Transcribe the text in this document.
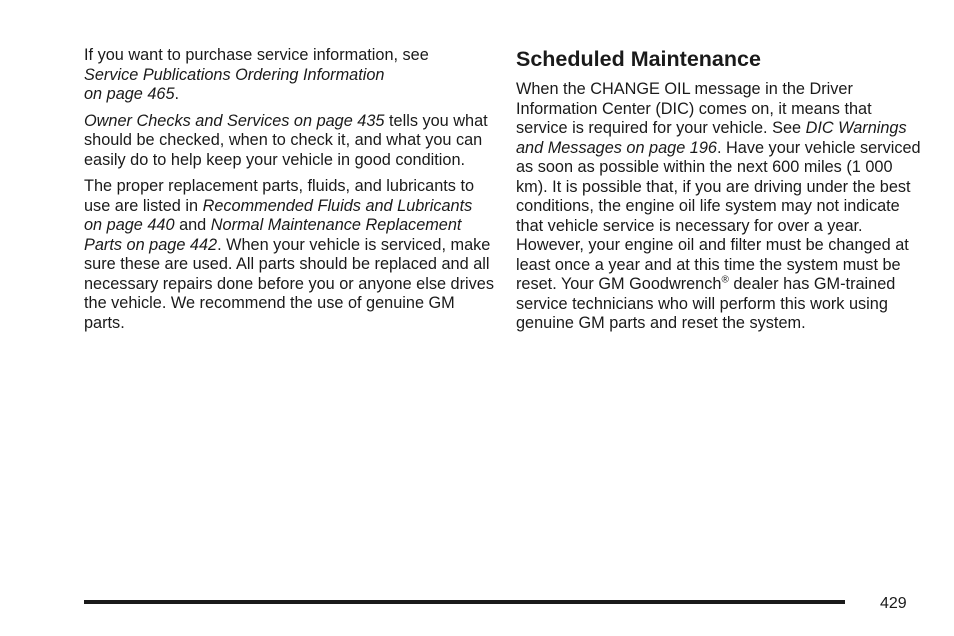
If you want to purchase service information, see
Service Publications Ordering Information
on page 465.

Owner Checks and Services on page 435 tells you what should be checked, when to check it, and what you can easily do to help keep your vehicle in good condition.

The proper replacement parts, fluids, and lubricants to use are listed in Recommended Fluids and Lubricants on page 440 and Normal Maintenance Replacement Parts on page 442. When your vehicle is serviced, make sure these are used. All parts should be replaced and all necessary repairs done before you or anyone else drives the vehicle. We recommend the use of genuine GM parts.

Scheduled Maintenance

When the CHANGE OIL message in the Driver Information Center (DIC) comes on, it means that service is required for your vehicle. See DIC Warnings and Messages on page 196. Have your vehicle serviced as soon as possible within the next 600 miles (1 000 km). It is possible that, if you are driving under the best conditions, the engine oil life system may not indicate that vehicle service is necessary for over a year. However, your engine oil and filter must be changed at least once a year and at this time the system must be reset. Your GM Goodwrench® dealer has GM-trained service technicians who will perform this work using genuine GM parts and reset the system.

429
